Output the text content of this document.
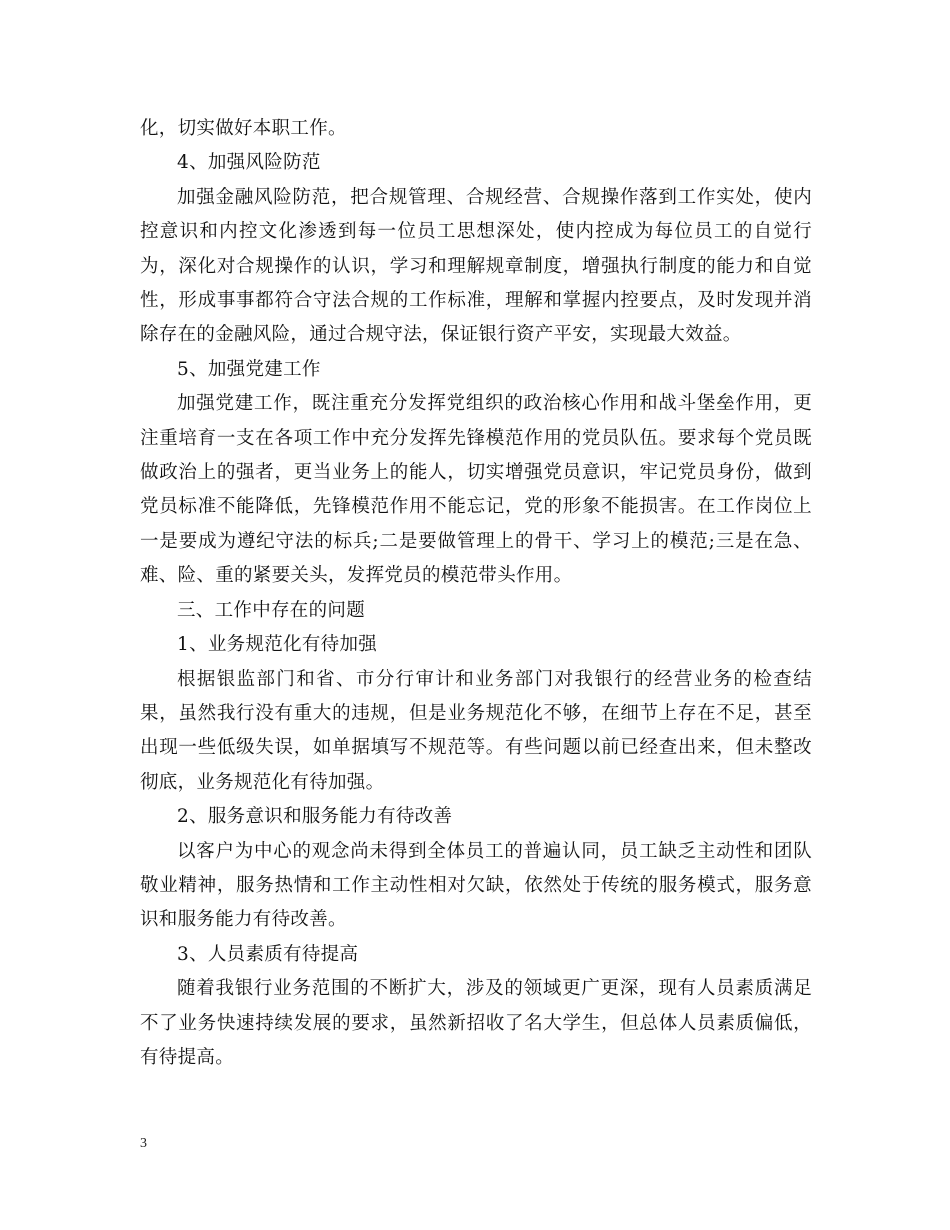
化，切实做好本职工作。

4、加强风险防范

加强金融风险防范，把合规管理、合规经营、合规操作落到工作实处，使内控意识和内控文化渗透到每一位员工思想深处，使内控成为每位员工的自觉行为，深化对合规操作的认识，学习和理解规章制度，增强执行制度的能力和自觉性，形成事事都符合守法合规的工作标准，理解和掌握内控要点，及时发现并消除存在的金融风险，通过合规守法，保证银行资产平安，实现最大效益。

5、加强党建工作

加强党建工作，既注重充分发挥党组织的政治核心作用和战斗堡垒作用，更注重培育一支在各项工作中充分发挥先锋模范作用的党员队伍。要求每个党员既做政治上的强者，更当业务上的能人，切实增强党员意识，牢记党员身份，做到党员标准不能降低，先锋模范作用不能忘记，党的形象不能损害。在工作岗位上一是要成为遵纪守法的标兵;二是要做管理上的骨干、学习上的模范;三是在急、难、险、重的紧要关头，发挥党员的模范带头作用。

三、工作中存在的问题

1、业务规范化有待加强

根据银监部门和省、市分行审计和业务部门对我银行的经营业务的检查结果，虽然我行没有重大的违规，但是业务规范化不够，在细节上存在不足，甚至出现一些低级失误，如单据填写不规范等。有些问题以前已经查出来，但未整改彻底，业务规范化有待加强。

2、服务意识和服务能力有待改善

以客户为中心的观念尚未得到全体员工的普遍认同，员工缺乏主动性和团队敬业精神，服务热情和工作主动性相对欠缺，依然处于传统的服务模式，服务意识和服务能力有待改善。

3、人员素质有待提高

随着我银行业务范围的不断扩大，涉及的领域更广更深，现有人员素质满足不了业务快速持续发展的要求，虽然新招收了名大学生，但总体人员素质偏低，有待提高。

3
